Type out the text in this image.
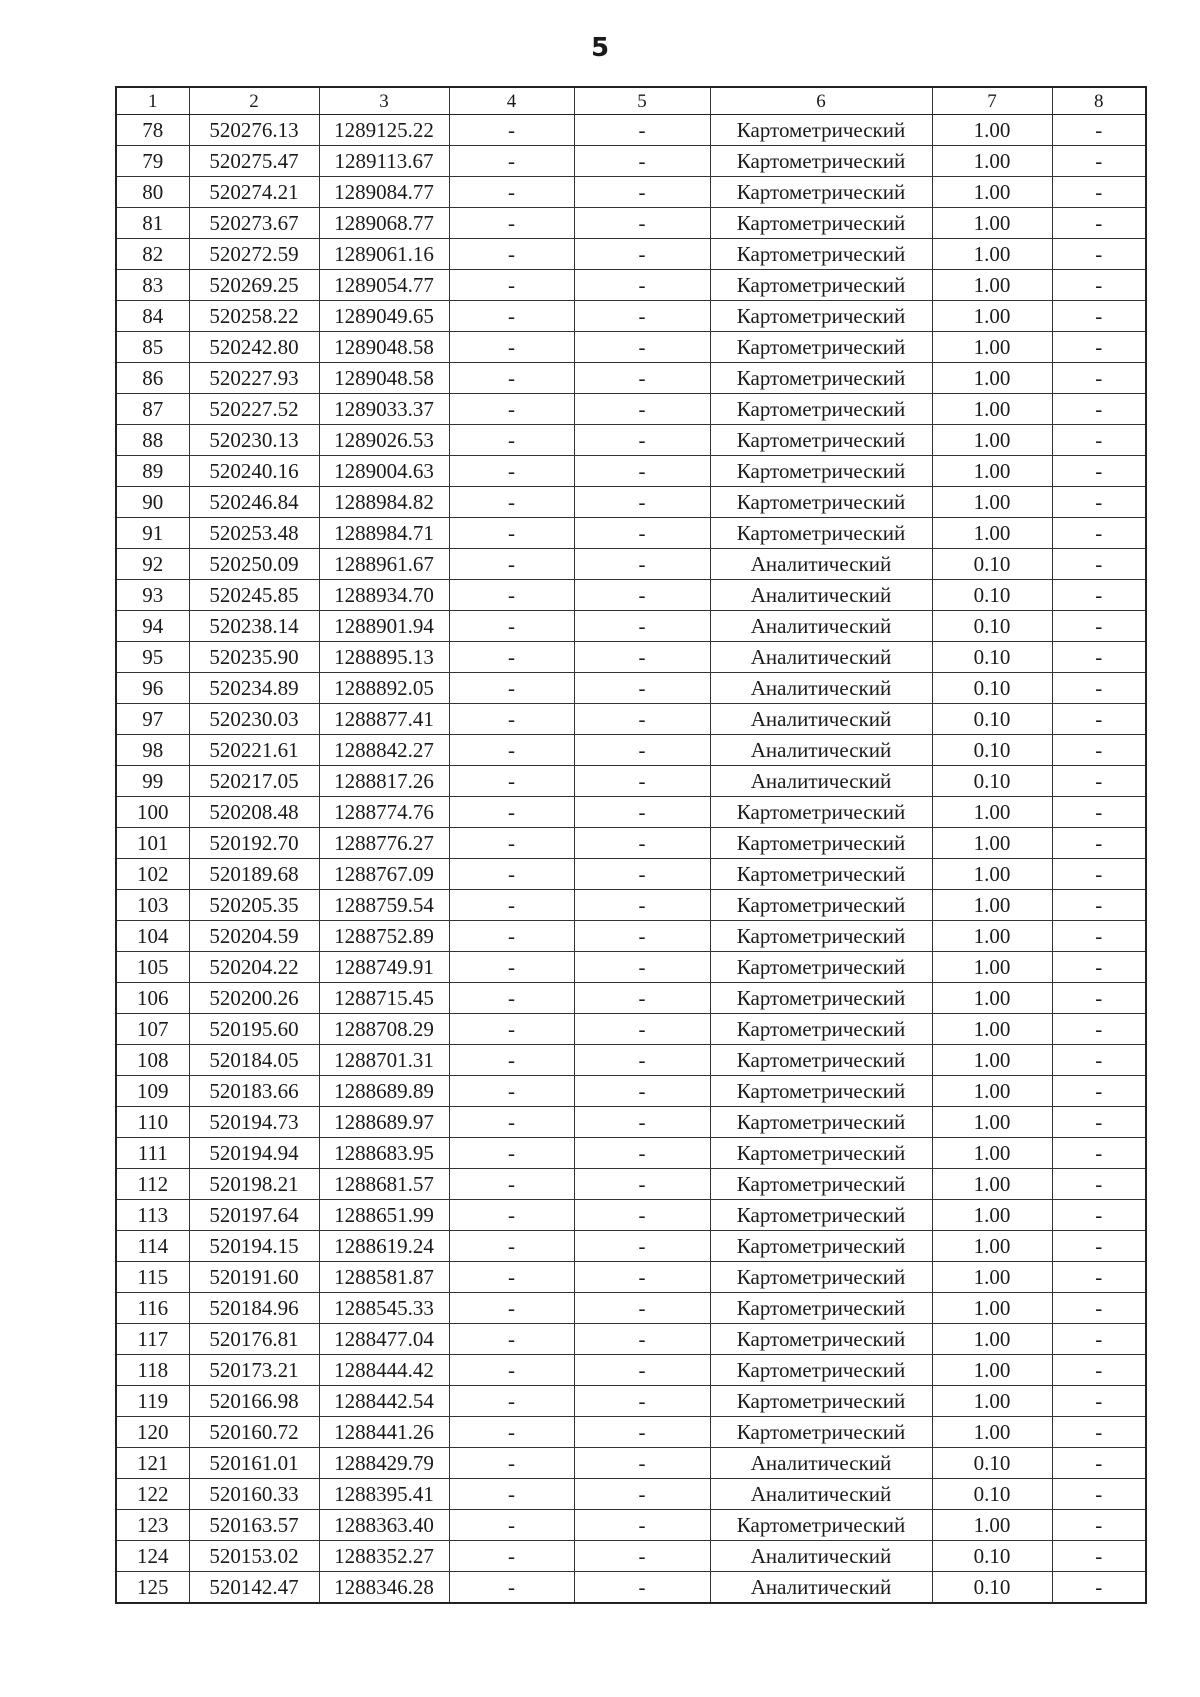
5
1	2	3	4	5	6	7	8
78	520276.13	1289125.22	-	-	Картометрический	1.00	-
79	520275.47	1289113.67	-	-	Картометрический	1.00	-
80	520274.21	1289084.77	-	-	Картометрический	1.00	-
81	520273.67	1289068.77	-	-	Картометрический	1.00	-
82	520272.59	1289061.16	-	-	Картометрический	1.00	-
83	520269.25	1289054.77	-	-	Картометрический	1.00	-
84	520258.22	1289049.65	-	-	Картометрический	1.00	-
85	520242.80	1289048.58	-	-	Картометрический	1.00	-
86	520227.93	1289048.58	-	-	Картометрический	1.00	-
87	520227.52	1289033.37	-	-	Картометрический	1.00	-
88	520230.13	1289026.53	-	-	Картометрический	1.00	-
89	520240.16	1289004.63	-	-	Картометрический	1.00	-
90	520246.84	1288984.82	-	-	Картометрический	1.00	-
91	520253.48	1288984.71	-	-	Картометрический	1.00	-
92	520250.09	1288961.67	-	-	Аналитический	0.10	-
93	520245.85	1288934.70	-	-	Аналитический	0.10	-
94	520238.14	1288901.94	-	-	Аналитический	0.10	-
95	520235.90	1288895.13	-	-	Аналитический	0.10	-
96	520234.89	1288892.05	-	-	Аналитический	0.10	-
97	520230.03	1288877.41	-	-	Аналитический	0.10	-
98	520221.61	1288842.27	-	-	Аналитический	0.10	-
99	520217.05	1288817.26	-	-	Аналитический	0.10	-
100	520208.48	1288774.76	-	-	Картометрический	1.00	-
101	520192.70	1288776.27	-	-	Картометрический	1.00	-
102	520189.68	1288767.09	-	-	Картометрический	1.00	-
103	520205.35	1288759.54	-	-	Картометрический	1.00	-
104	520204.59	1288752.89	-	-	Картометрический	1.00	-
105	520204.22	1288749.91	-	-	Картометрический	1.00	-
106	520200.26	1288715.45	-	-	Картометрический	1.00	-
107	520195.60	1288708.29	-	-	Картометрический	1.00	-
108	520184.05	1288701.31	-	-	Картометрический	1.00	-
109	520183.66	1288689.89	-	-	Картометрический	1.00	-
110	520194.73	1288689.97	-	-	Картометрический	1.00	-
111	520194.94	1288683.95	-	-	Картометрический	1.00	-
112	520198.21	1288681.57	-	-	Картометрический	1.00	-
113	520197.64	1288651.99	-	-	Картометрический	1.00	-
114	520194.15	1288619.24	-	-	Картометрический	1.00	-
115	520191.60	1288581.87	-	-	Картометрический	1.00	-
116	520184.96	1288545.33	-	-	Картометрический	1.00	-
117	520176.81	1288477.04	-	-	Картометрический	1.00	-
118	520173.21	1288444.42	-	-	Картометрический	1.00	-
119	520166.98	1288442.54	-	-	Картометрический	1.00	-
120	520160.72	1288441.26	-	-	Картометрический	1.00	-
121	520161.01	1288429.79	-	-	Аналитический	0.10	-
122	520160.33	1288395.41	-	-	Аналитический	0.10	-
123	520163.57	1288363.40	-	-	Картометрический	1.00	-
124	520153.02	1288352.27	-	-	Аналитический	0.10	-
125	520142.47	1288346.28	-	-	Аналитический	0.10	-
